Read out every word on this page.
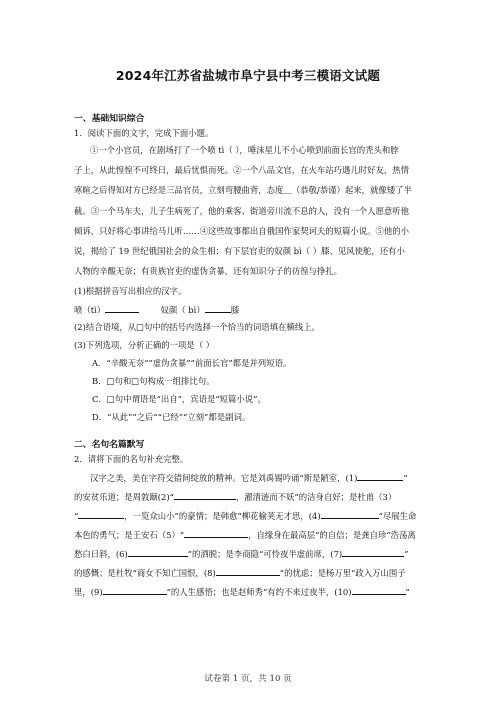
2024年江苏省盐城市阜宁县中考三模语文试题
一、基础知识综合
1．阅读下面的文字，完成下面小题。
①一个小官员，在剧场打了一个喷 tì（ ），唾沫星儿不小心喷到前面长官的秃头和脖
子上，从此惶惶不可终日，最后忧惧而死。②一个八品文官，在火车站巧遇儿时好友，热情
寒暄之后得知对方已经是三品官员，立刻弯腰曲背，态度＿（恭敬/恭谨）起来，就像矮了半
截。③一个马车夫，儿子生病死了，他的乘客、街道旁川流不息的人，没有一个人愿意听他
倾诉，只好将心事讲给马儿听……④这些故事都出自俄国作家契诃夫的短篇小说。⑤他的小
说，揭给了 19 世纪俄国社会的众生相：有下层官吏的奴颜 bì（ ）膝、见风使舵，还有小
人物的辛酸无奈；有贵族官吏的虚伪贪暴，还有知识分子的彷徨与挣扎。
(1)根据拼音写出相应的汉字。
喷（tì）	奴颜（ bì）	膝
(2)结合语境，从□句中的括号内选择一个恰当的词语填在横线上。
(3)下列选项，分析正确的一项是（ ）
A．“辛酸无奈”“虚伪贪暴”“前面长官”都是并列短语。
B．□句和□句构成一组排比句。
C．□句中谓语是“出自”，宾语是“短篇小说”。
D．“从此”“之后”“已经”“立刻”都是副词。
二、名句名篇默写
2．请将下面的名句补充完整。
汉字之美，美在字符交错间绽放的精神。它是刘禹锡吟诵“斯是陋室，(1)	”
的安贫乐道；是周敦颐(2)“	，濯清涟而不妖”的洁身自好；是杜甫（3）
“	，一览众山小”的豪情；是韩愈“柳花榆荚无才思，(4)	”尽展生命
本色的勇气；是王安石（5）“	，自缘身在最高层”的自信；是龚自珍“浩荡离
愁白日斜，(6)	”的洒脱；是李商隐“可怜夜半虚前席，(7)	”
的感慨；是杜牧“商女不知亡国恨，(8)	”的忧虑；是杨万里“政入万山围子
里，(9)	”的人生感悟；也是赵师秀“有约不来过夜半，(10)	”
试卷第 1 页，共 10 页
